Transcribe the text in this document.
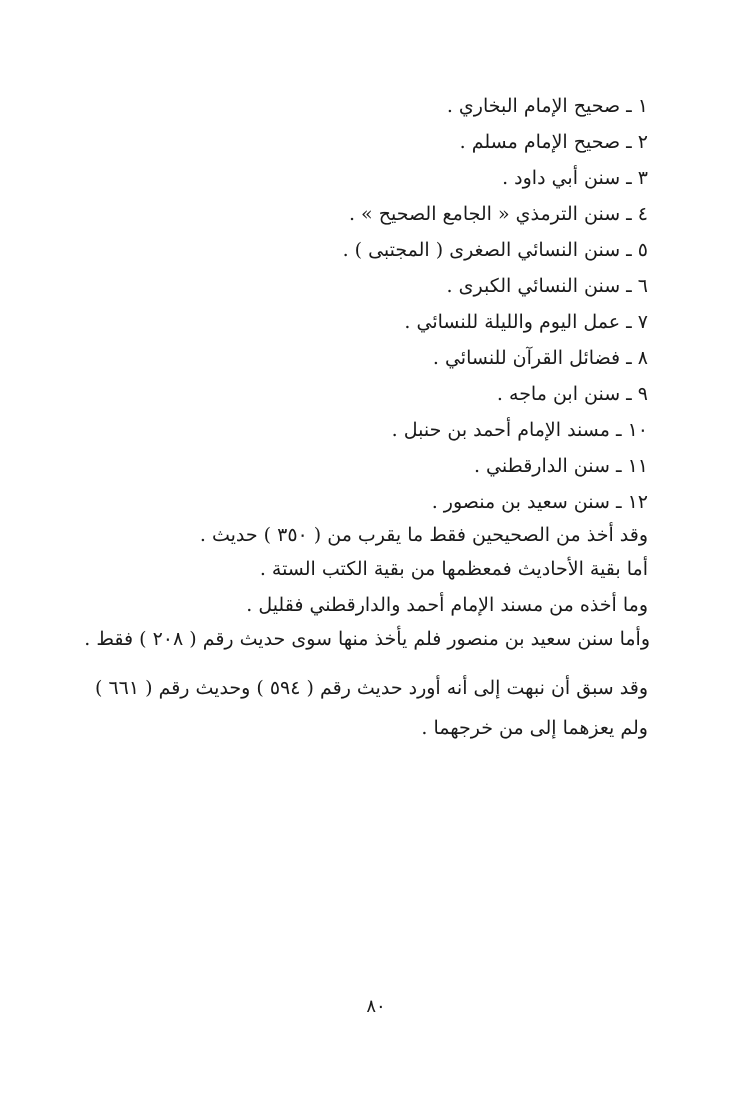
١ ـ صحيح الإمام البخاري .
٢ ـ صحيح الإمام مسلم .
٣ ـ سنن أبي داود .
٤ ـ سنن الترمذي « الجامع الصحيح » .
٥ ـ سنن النسائي الصغرى ( المجتبى ) .
٦ ـ سنن النسائي الكبرى .
٧ ـ عمل اليوم والليلة للنسائي .
٨ ـ فضائل القرآن للنسائي .
٩ ـ سنن ابن ماجه .
١٠ ـ مسند الإمام أحمد بن حنبل .
١١ ـ سنن الدارقطني .
١٢ ـ سنن سعيد بن منصور .

وقد أخذ من الصحيحين فقط ما يقرب من ( ٣٥٠ ) حديث .

أما بقية الأحاديث فمعظمها من بقية الكتب الستة .

وما أخذه من مسند الإمام أحمد والدارقطني فقليل .

وأما سنن سعيد بن منصور فلم يأخذ منها سوى حديث رقم ( ٢٠٨ ) فقط .

وقد سبق أن نبهت إلى أنه أورد حديث رقم ( ٥٩٤ ) وحديث رقم ( ٦٦١ )
ولم يعزهما إلى من خرجهما .

٨٠
